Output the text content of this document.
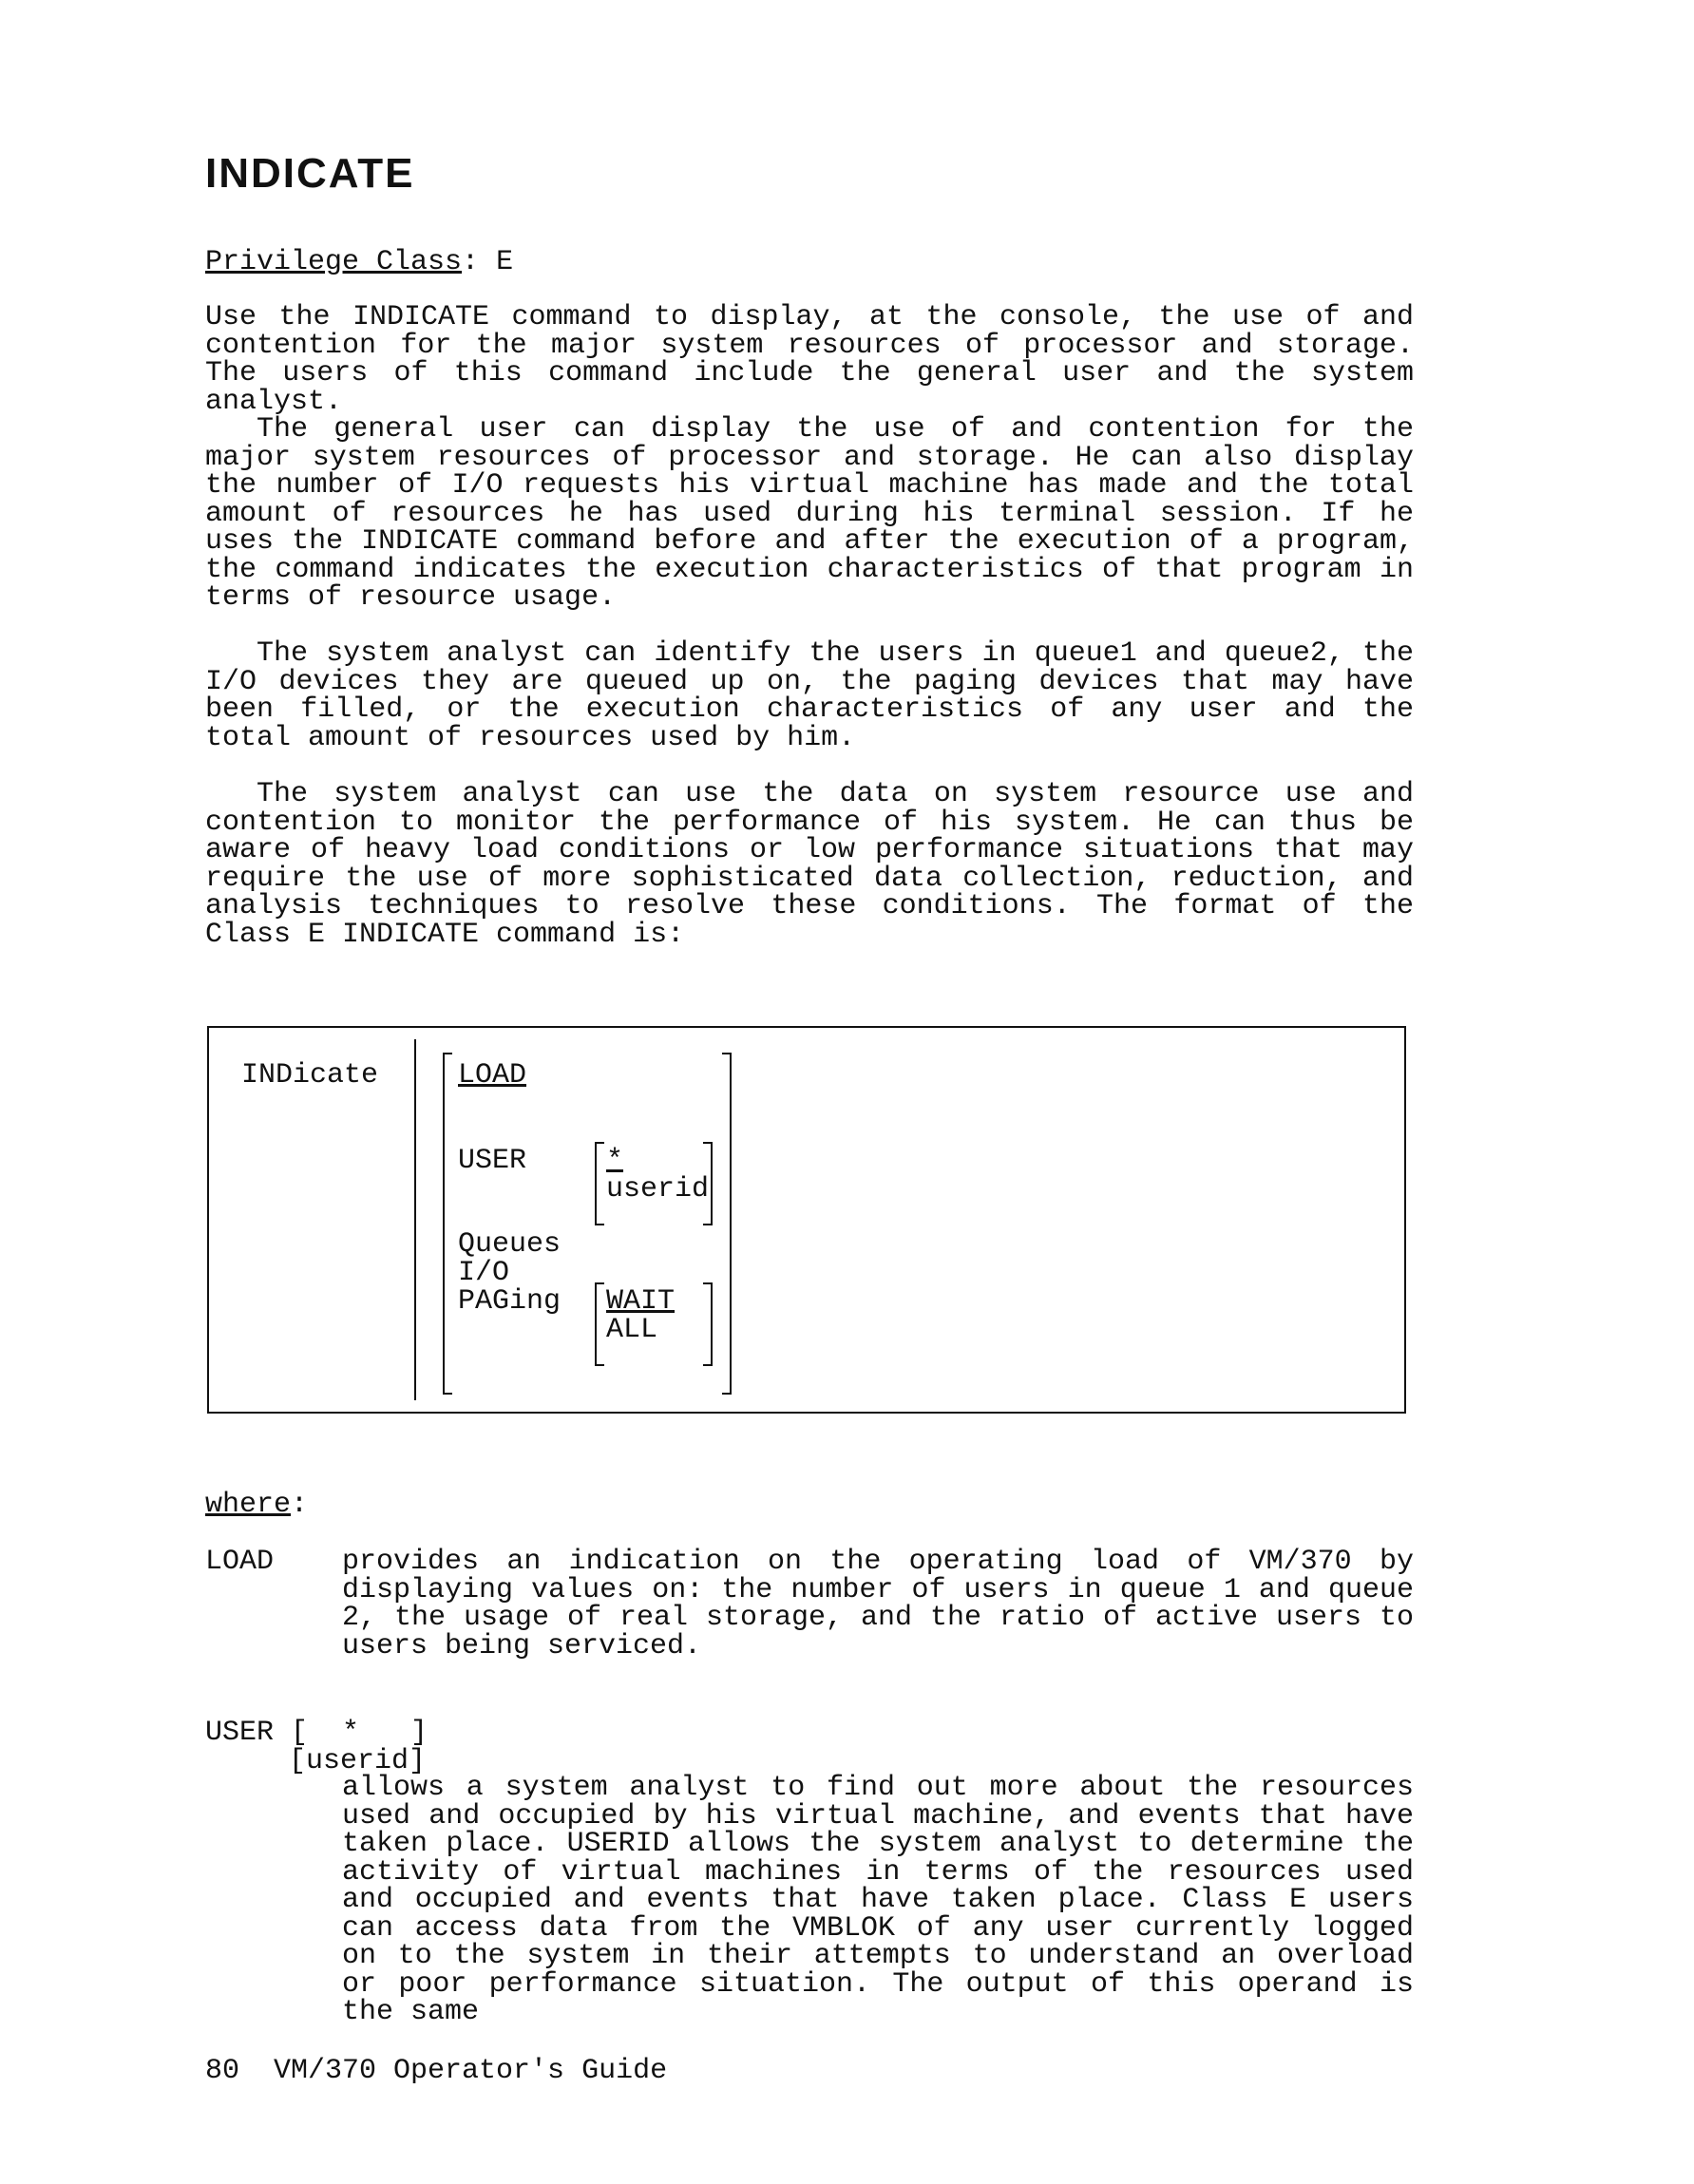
INDICATE
Privilege Class: E

Use the INDICATE command to display, at the console, the use of and contention for the major system resources of processor and storage. The users of this command include the general user and the system analyst.

The general user can display the use of and contention for the major system resources of processor and storage. He can also display the number of I/O requests his virtual machine has made and the total amount of resources he has used during his terminal session. If he uses the INDICATE command before and after the execution of a program, the command indicates the execution characteristics of that program in terms of resource usage.

The system analyst can identify the users in queue1 and queue2, the I/O devices they are queued up on, the paging devices that may have been filled, or the execution characteristics of any user and the total amount of resources used by him.

The system analyst can use the data on system resource use and contention to monitor the performance of his system. He can thus be aware of heavy load conditions or low performance situations that may require the use of more sophisticated data collection, reduction, and analysis techniques to resolve these conditions. The format of the Class E INDICATE command is:

INDicate	LOAD
USER	*
userid
Queues
I/O
PAGing WAIT
ALL
where:
LOAD provides an indication on the operating load of VM/370 by displaying values on: the number of users in queue 1 and queue 2, the usage of real storage, and the ratio of active users to users being serviced.

USER [  *   ]
[userid]

allows a system analyst to find out more about the resources used and occupied by his virtual machine, and events that have taken place. USERID allows the system analyst to determine the activity of virtual machines in terms of the resources used and occupied and events that have taken place. Class E users can access data from the VMBLOK of any user currently logged on to the system in their attempts to understand an overload or poor performance situation. The output of this operand is the same

80  VM/370 Operator's Guide
